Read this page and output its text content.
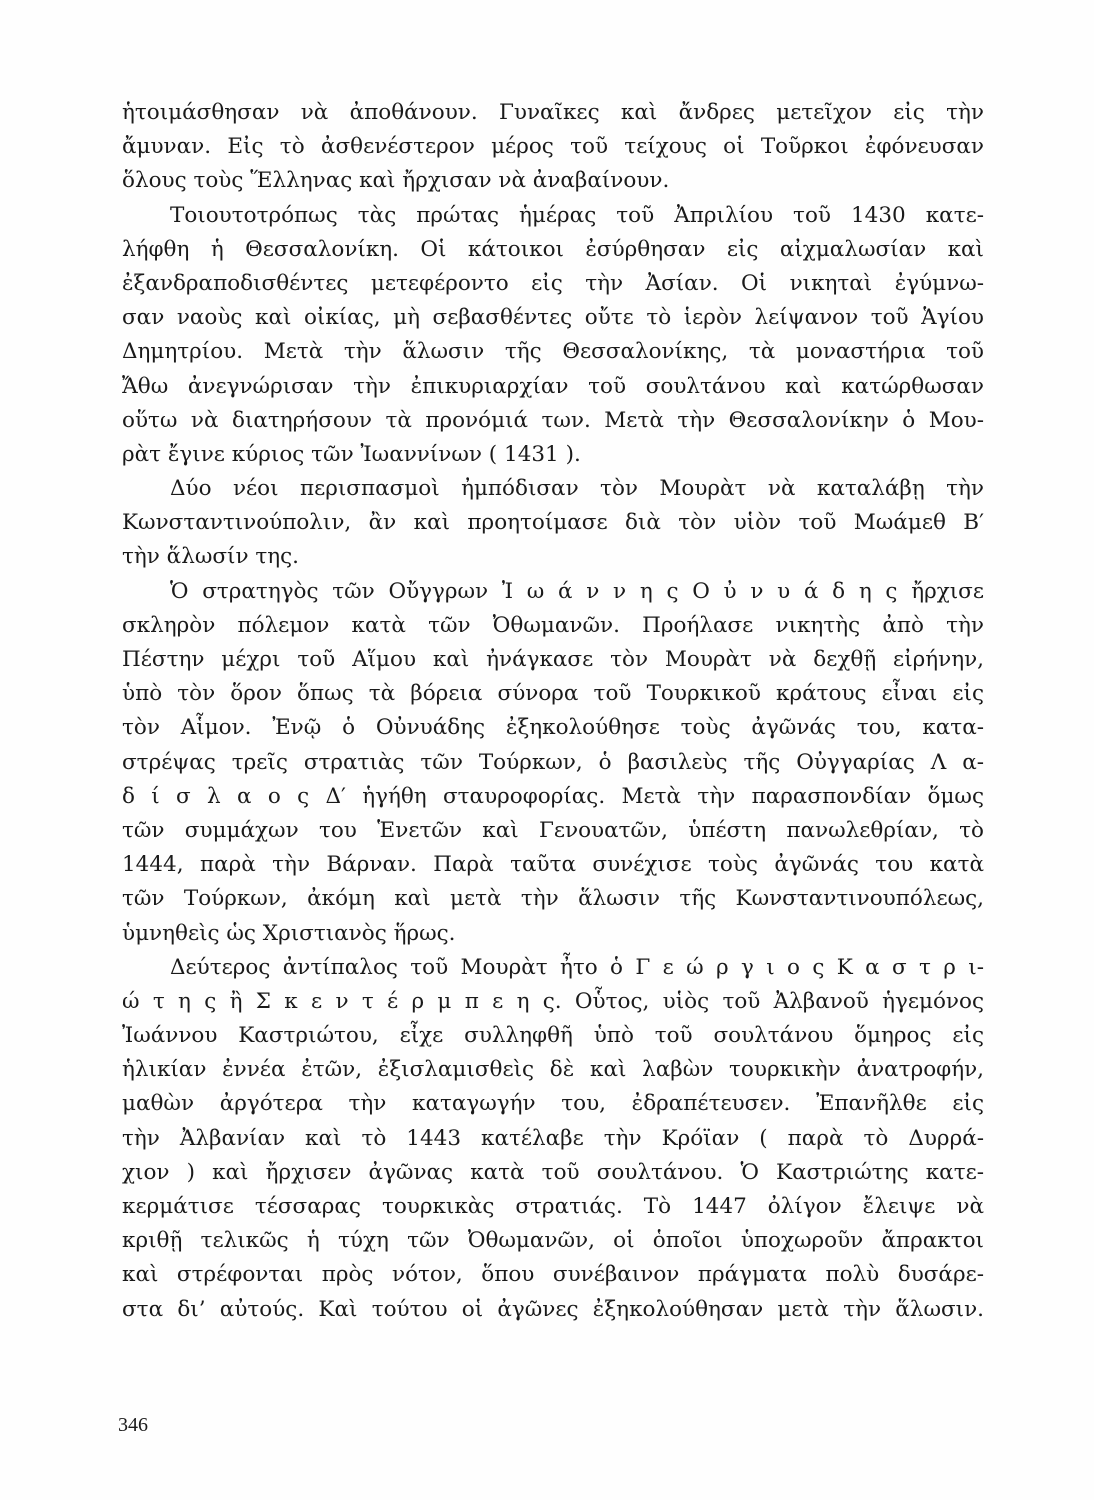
ἡτοιμάσθησαν νὰ ἀποθάνουν. Γυναῖκες καὶ ἄνδρες μετεῖχον εἰς τὴν
ἄμυναν. Εἰς τὸ ἀσθενέστερον μέρος τοῦ τείχους οἱ Τοῦρκοι ἐφόνευσαν
ὅλους τοὺς Ἕλληνας καὶ ἤρχισαν νὰ ἀναβαίνουν.
Τοιουτοτρόπως τὰς πρώτας ἡμέρας τοῦ Ἀπριλίου τοῦ 1430 κατε-
λήφθη ἡ Θεσσαλονίκη. Οἱ κάτοικοι ἐσύρθησαν εἰς αἰχμαλωσίαν καὶ
ἐξανδραποδισθέντες μετεφέροντο εἰς τὴν Ἀσίαν. Οἱ νικηταὶ ἐγύμνω-
σαν ναοὺς καὶ οἰκίας, μὴ σεβασθέντες οὔτε τὸ ἱερὸν λείψανον τοῦ Ἁγίου
Δημητρίου. Μετὰ τὴν ἅλωσιν τῆς Θεσσαλονίκης, τὰ μοναστήρια τοῦ
Ἄθω ἀνεγνώρισαν τὴν ἐπικυριαρχίαν τοῦ σουλτάνου καὶ κατώρθωσαν
οὕτω νὰ διατηρήσουν τὰ προνόμιά των. Μετὰ τὴν Θεσσαλονίκην ὁ Μου-
ρὰτ ἔγινε κύριος τῶν Ἰωαννίνων ( 1431 ).
Δύο νέοι περισπασμοὶ ἠμπόδισαν τὸν Μουρὰτ νὰ καταλάβῃ τὴν
Κωνσταντινούπολιν, ἂν καὶ προητοίμασε διὰ τὸν υἱὸν τοῦ Μωάμεθ Β′
τὴν ἅλωσίν της.
Ὁ στρατηγὸς τῶν Οὔγγρων Ἰ ω ά ν ν η ς Ο ὐ ν υ ά δ η ς ἤρχισε
σκληρὸν πόλεμον κατὰ τῶν Ὀθωμανῶν. Προήλασε νικητὴς ἀπὸ τὴν
Πέστην μέχρι τοῦ Αἵμου καὶ ἠνάγκασε τὸν Μουρὰτ νὰ δεχθῇ εἰρήνην,
ὑπὸ τὸν ὅρον ὅπως τὰ βόρεια σύνορα τοῦ Τουρκικοῦ κράτους εἶναι εἰς
τὸν Αἷμον. Ἐνῷ ὁ Οὐνυάδης ἐξηκολούθησε τοὺς ἀγῶνάς του, κατα-
στρέψας τρεῖς στρατιὰς τῶν Τούρκων, ὁ βασιλεὺς τῆς Οὐγγαρίας Λ α-
δ ί σ λ α ο ς Δ′ ἡγήθη σταυροφορίας. Μετὰ τὴν παρασπονδίαν ὅμως
τῶν συμμάχων του Ἑνετῶν καὶ Γενουατῶν, ὑπέστη πανωλεθρίαν, τὸ
1444, παρὰ τὴν Βάρναν. Παρὰ ταῦτα συνέχισε τοὺς ἀγῶνάς του κατὰ
τῶν Τούρκων, ἀκόμη καὶ μετὰ τὴν ἅλωσιν τῆς Κωνσταντινουπόλεως,
ὑμνηθεὶς ὡς Χριστιανὸς ἥρως.
Δεύτερος ἀντίπαλος τοῦ Μουρὰτ ἦτο ὁ Γ ε ώ ρ γ ι ο ς Κ α σ τ ρ ι-
ώ τ η ς ἢ Σ κ ε ν τ έ ρ μ π ε η ς. Οὗτος, υἱὸς τοῦ Ἀλβανοῦ ἡγεμόνος
Ἰωάννου Καστριώτου, εἶχε συλληφθῆ ὑπὸ τοῦ σουλτάνου ὅμηρος εἰς
ἡλικίαν ἐννέα ἐτῶν, ἐξισλαμισθεὶς δὲ καὶ λαβὼν τουρκικὴν ἀνατροφήν,
μαθὼν ἀργότερα τὴν καταγωγήν του, ἐδραπέτευσεν. Ἐπανῆλθε εἰς
τὴν Ἀλβανίαν καὶ τὸ 1443 κατέλαβε τὴν Κρόϊαν ( παρὰ τὸ Δυρρά-
χιον ) καὶ ἤρχισεν ἀγῶνας κατὰ τοῦ σουλτάνου. Ὁ Καστριώτης κατε-
κερμάτισε τέσσαρας τουρκικὰς στρατιάς. Τὸ 1447 ὀλίγον ἔλειψε νὰ
κριθῇ τελικῶς ἡ τύχη τῶν Ὀθωμανῶν, οἱ ὁποῖοι ὑποχωροῦν ἄπρακτοι
καὶ στρέφονται πρὸς νότον, ὅπου συνέβαινον πράγματα πολὺ δυσάρε-
στα δι’ αὐτούς. Καὶ τούτου οἱ ἀγῶνες ἐξηκολούθησαν μετὰ τὴν ἅλωσιν.
346
